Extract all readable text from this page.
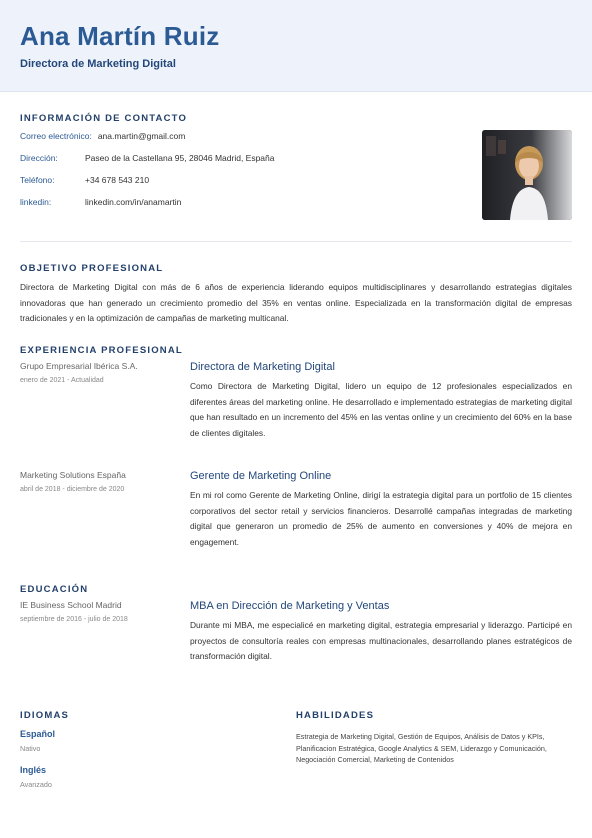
Ana Martín Ruiz
Directora de Marketing Digital
INFORMACIÓN DE CONTACTO
Correo electrónico: ana.martin@gmail.com
Dirección:	Paseo de la Castellana 95, 28046 Madrid, España
Teléfono:	+34 678 543 210
linkedin:	linkedin.com/in/anamartin
OBJETIVO PROFESIONAL

Directora de Marketing Digital con más de 6 años de experiencia liderando equipos multidisciplinares y desarrollando estrategias digitales innovadoras que han generado un crecimiento promedio del 35% en ventas online. Especializada en la transformación digital de empresas tradicionales y en la optimización de campañas de marketing multicanal.

EXPERIENCIA PROFESIONAL
Grupo Empresarial Ibérica S.A.
enero de 2021 - Actualidad
Directora de Marketing Digital
Como Directora de Marketing Digital, lidero un equipo de 12 profesionales especializados en diferentes áreas del marketing online. He desarrollado e implementado estrategias de marketing digital que han resultado en un incremento del 45% en las ventas online y un crecimiento del 60% en la base de clientes digitales.
Marketing Solutions España
abril de 2018 - diciembre de 2020
Gerente de Marketing Online
En mi rol como Gerente de Marketing Online, dirigí la estrategia digital para un portfolio de 15 clientes corporativos del sector retail y servicios financieros. Desarrollé campañas integradas de marketing digital que generaron un promedio de 25% de aumento en conversiones y 40% de mejora en engagement.
EDUCACIÓN
IE Business School Madrid
septiembre de 2016 - julio de 2018
MBA en Dirección de Marketing y Ventas
Durante mi MBA, me especialicé en marketing digital, estrategia empresarial y liderazgo. Participé en proyectos de consultoría reales con empresas multinacionales, desarrollando planes estratégicos de transformación digital.
IDIOMAS
Español
Nativo
Inglés
Avanzado
HABILIDADES
Estrategia de Marketing Digital, Gestión de Equipos, Análisis de Datos y KPIs, Planificacion Estratégica, Google Analytics & SEM, Liderazgo y Comunicación, Negociación Comercial, Marketing de Contenidos
